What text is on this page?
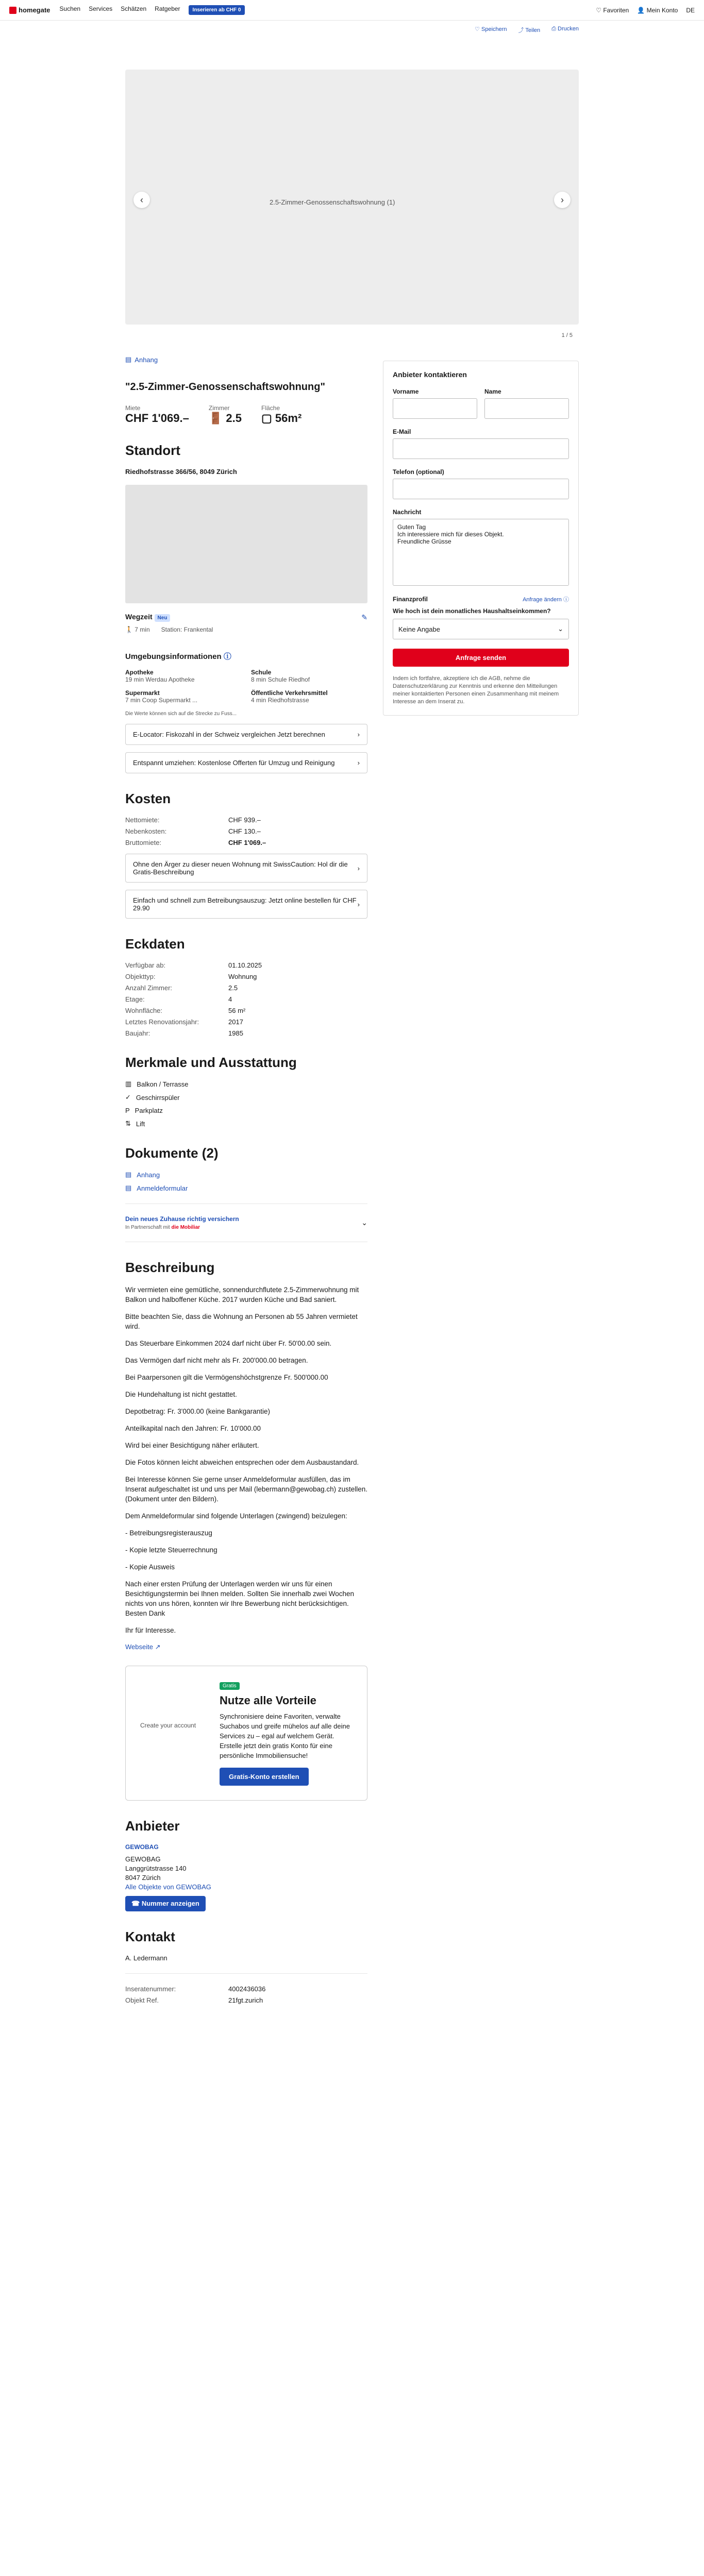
homegate Suchen Services Schätzen Ratgeber	Inserieren ab CHF 0	♡ Favoriten 👤 Mein Konto DE
♡ Speichern ⤴ Teilen ⎙ Drucken
2.5-Zimmer-Genossenschaftswohnung (1)
‹	›
1 / 5
▤ Anhang
"2.5-Zimmer-Genossenschaftswohnung"
Miete
CHF 1'069.–
Zimmer
🚪 2.5
Fläche
▢ 56m²
Standort
Riedhofstrasse 366/56, 8049 Zürich
Wegzeit Neu	✎
🚶 7 min Station: Frankental
Umgebungsinformationen ⓘ
Apotheke
19 min Werdau Apotheke
Schule
8 min Schule Riedhof
Supermarkt
7 min Coop Supermarkt ...
Öffentliche Verkehrsmittel
4 min Riedhofstrasse
Die Werte können sich auf die Strecke zu Fuss...
E-Locator: Fiskozahl in der Schweiz vergleichen Jetzt berechnen	›
Entspannt umziehen: Kostenlose Offerten für Umzug und Reinigung	›
Kosten
Nettomiete:	CHF 939.–
Nebenkosten:	CHF 130.–
Bruttomiete:	CHF 1'069.–
Ohne den Ärger zu dieser neuen Wohnung mit SwissCaution: Hol dir die Gratis-Beschreibung	›
Einfach und schnell zum Betreibungsauszug: Jetzt online bestellen für CHF 29.90	›
Eckdaten
Verfügbar ab:	01.10.2025
Objekttyp:	Wohnung
Anzahl Zimmer:	2.5
Etage:	4
Wohnfläche:	56 m²
Letztes Renovationsjahr:	2017
Baujahr:	1985
Merkmale und Ausstattung
▥ Balkon / Terrasse
✓ Geschirrspüler
P Parkplatz
⇅ Lift
Dokumente (2)
▤ Anhang
▤ Anmeldeformular
Dein neues Zuhause richtig versichern
In Partnerschaft mit die Mobiliar
⌄
Beschreibung

Wir vermieten eine gemütliche, sonnendurchflutete 2.5-Zimmerwohnung mit Balkon und halboffener Küche. 2017 wurden Küche und Bad saniert.

Bitte beachten Sie, dass die Wohnung an Personen ab 55 Jahren vermietet wird.

Das Steuerbare Einkommen 2024 darf nicht über Fr. 50'00.00 sein.

Das Vermögen darf nicht mehr als Fr. 200'000.00 betragen.

Bei Paarpersonen gilt die Vermögenshöchstgrenze Fr. 500'000.00

Die Hundehaltung ist nicht gestattet.

Depotbetrag: Fr. 3'000.00 (keine Bankgarantie)

Anteilkapital nach den Jahren: Fr. 10'000.00

Wird bei einer Besichtigung näher erläutert.

Die Fotos können leicht abweichen entsprechen oder dem Ausbaustandard.

Bei Interesse können Sie gerne unser Anmeldeformular ausfüllen, das im Inserat aufgeschaltet ist und uns per Mail (lebermann@gewobag.ch) zustellen. (Dokument unter den Bildern).

Dem Anmeldeformular sind folgende Unterlagen (zwingend) beizulegen:

- Betreibungsregisterauszug

- Kopie letzte Steuerrechnung

- Kopie Ausweis

Nach einer ersten Prüfung der Unterlagen werden wir uns für einen Besichtigungstermin bei Ihnen melden. Sollten Sie innerhalb zwei Wochen nichts von uns hören, konnten wir Ihre Bewerbung nicht berücksichtigen. Besten Dank

Ihr für Interesse.

Webseite ↗
Create your account
Gratis
Nutze alle Vorteile
Synchronisiere deine Favoriten, verwalte Suchabos und greife mühelos auf alle deine Services zu – egal auf welchem Gerät. Erstelle jetzt dein gratis Konto für eine persönliche Immobiliensuche!
Gratis-Konto erstellen
Anbieter
GEWOBAG
GEWOBAG
Langgrütstrasse 140
8047 Zürich
Alle Objekte von GEWOBAG
☎ Nummer anzeigen
Kontakt
A. Ledermann
Inseratenummer:	4002436036
Objekt Ref.	21fgt.zurich
Anbieter kontaktieren
Vorname	Name
E-Mail
Telefon (optional)
Nachricht
Guten Tag
Ich interessiere mich für dieses Objekt.
Freundliche Grüsse
Finanzprofil	Anfrage ändern ⓘ
Wie hoch ist dein monatliches Haushaltseinkommen?
Keine Angabe	⌄
Anfrage senden
Indem ich fortfahre, akzeptiere ich die AGB, nehme die Datenschutzerklärung zur Kenntnis und erkenne den Mitteilungen meiner kontaktierten Personen einen Zusammenhang mit meinem Interesse an dem Inserat zu.
